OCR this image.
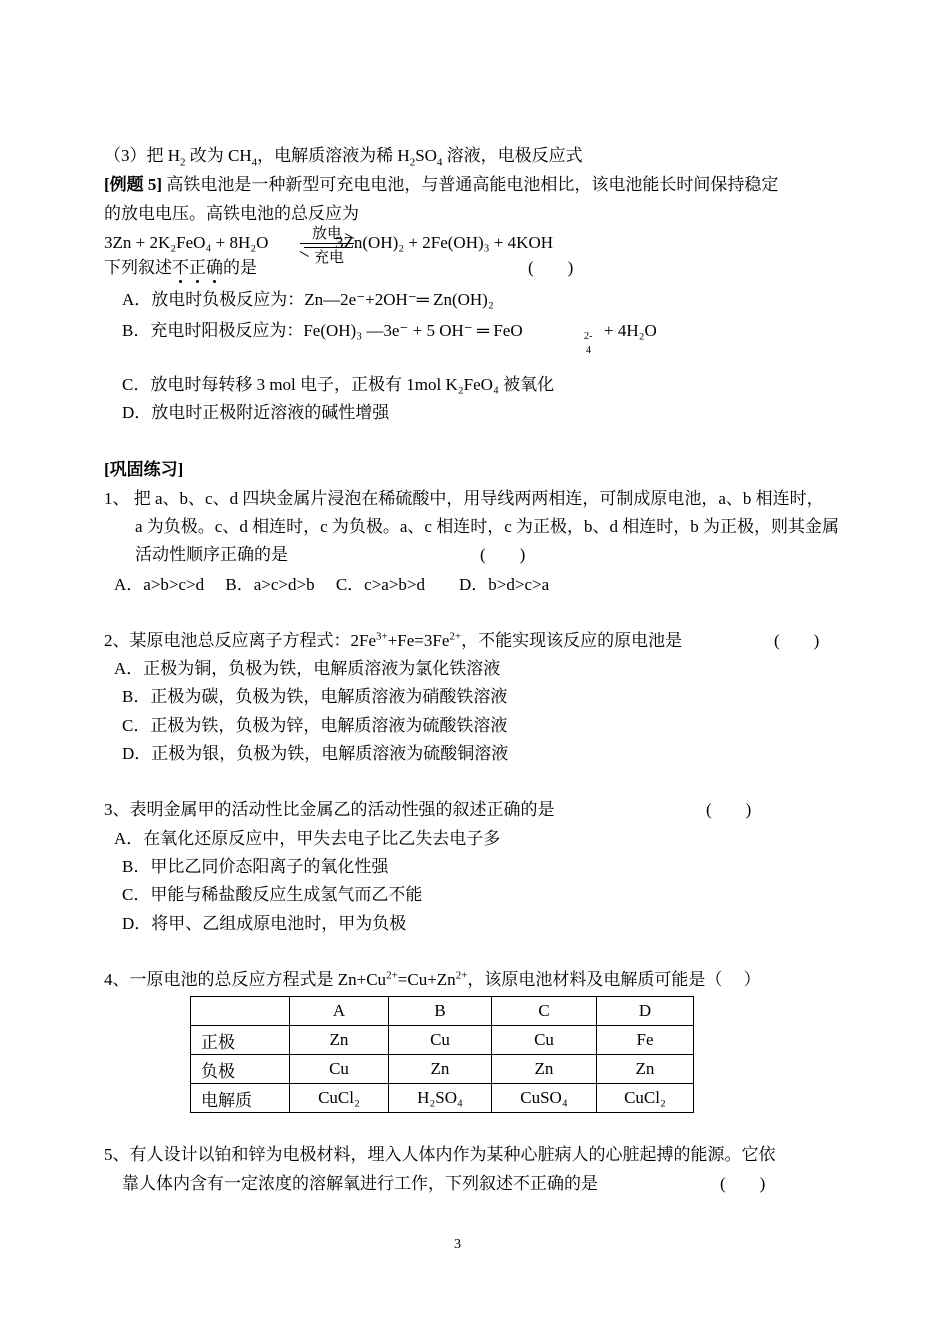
（3）把 $H_2$ 改为 $CH_4$，电解质溶液为稀 $H_2SO_4$ 溶液，电极反应式
[例题 5] 高铁电池是一种新型可充电电池，与普通高能电池相比，该电池能长时间保持稳定
的放电电压。高铁电池的总反应为
3Zn + 2K₂FeO₄ + 8H₂O	放电
充电
3Zn(OH)₂ + 2Fe(OH)₃ + 4KOH
下列叙述不正确的是	(　　)
A．放电时负极反应为：Zn—2e⁻+2OH⁻═ Zn(OH)₂
B．充电时阳极反应为：Fe(OH)₃ —3e⁻ + 5 OH⁻ ═ FeO	2-
4
+ 4H₂O
C．放电时每转移 3 mol 电子，正极有 1mol K₂FeO₄ 被氧化
D．放电时正极附近溶液的碱性增强
[巩固练习]
1、 把 a、b、c、d 四块金属片浸泡在稀硫酸中，用导线两两相连，可制成原电池，a、b 相连时，
a 为负极。c、d 相连时，c 为负极。a、c 相连时，c 为正极，b、d 相连时，b 为正极，则其金属
活动性顺序正确的是	(　　)
A．a>b>c>d　 B．a>c>d>b　 C．c>a>b>d　　D．b>d>c>a
2、某原电池总反应离子方程式：$2Fe^{3+}+Fe=3Fe^{2+}$，不能实现该反应的原电池是	(　　)
A．正极为铜，负极为铁，电解质溶液为氯化铁溶液
B．正极为碳，负极为铁，电解质溶液为硝酸铁溶液
C．正极为铁，负极为锌，电解质溶液为硫酸铁溶液
D．正极为银，负极为铁，电解质溶液为硫酸铜溶液
3、表明金属甲的活动性比金属乙的活动性强的叙述正确的是	(　　)
A．在氧化还原反应中，甲失去电子比乙失去电子多
B．甲比乙同价态阳离子的氧化性强
C．甲能与稀盐酸反应生成氢气而乙不能
D．将甲、乙组成原电池时，甲为负极
4、一原电池的总反应方程式是 $Zn+Cu^{2+}=Cu+Zn^{2+}$，该原电池材料及电解质可能是（　 ）
	A	B	C	D
正极	Zn	Cu	Cu	Fe
负极	Cu	Zn	Zn	Zn
电解质	CuCl₂	H₂SO₄	CuSO₄	CuCl₂
5、有人设计以铂和锌为电极材料，埋入人体内作为某种心脏病人的心脏起搏的能源。它依
靠人体内含有一定浓度的溶解氧进行工作，下列叙述不正确的是	(　　)
3
